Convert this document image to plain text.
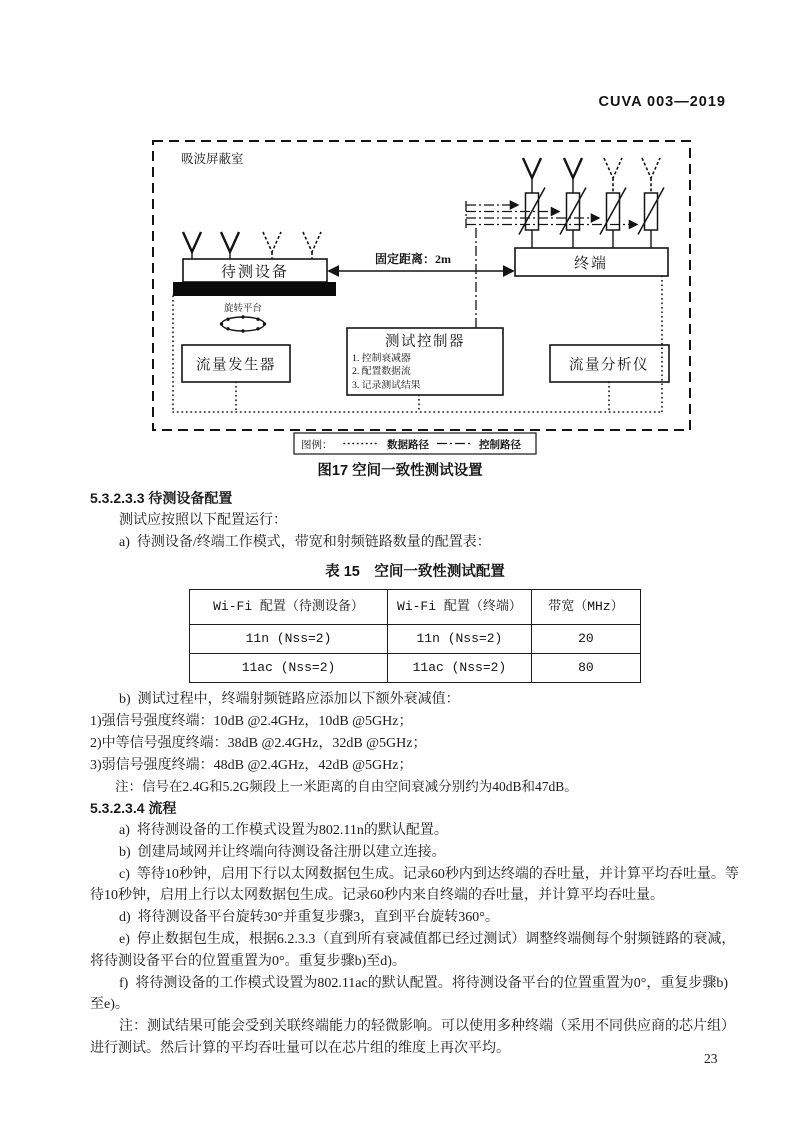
CUVA 003—2019
吸波屏蔽室
待测设备
旋转平台
固定距离：2m	终端
测试控制器
1. 控制衰减器
2. 配置数据流
3. 记录测试结果
流量发生器	流量分析仪
图例：	数据路径	控制路径
图17 空间一致性测试设置

5.3.2.3.3 待测设备配置

测试应按照以下配置运行：

a)  待测设备/终端工作模式，带宽和射频链路数量的配置表：

表 15　空间一致性测试配置
Wi-Fi 配置（待测设备）	Wi-Fi 配置（终端）	带宽（MHz）
11n (Nss=2)	11n (Nss=2)	20
11ac (Nss=2)	11ac (Nss=2)	80

b)  测试过程中，终端射频链路应添加以下额外衰减值：

1)强信号强度终端：10dB @2.4GHz，10dB @5GHz；

2)中等信号强度终端：38dB @2.4GHz，32dB @5GHz；

3)弱信号强度终端：48dB @2.4GHz，42dB @5GHz；

注：信号在2.4G和5.2G频段上一米距离的自由空间衰减分别约为40dB和47dB。

5.3.2.3.4 流程

a)  将待测设备的工作模式设置为802.11n的默认配置。

b)  创建局域网并让终端向待测设备注册以建立连接。

c)  等待10秒钟，启用下行以太网数据包生成。记录60秒内到达终端的吞吐量，并计算平均吞吐量。等待10秒钟，启用上行以太网数据包生成。记录60秒内来自终端的吞吐量，并计算平均吞吐量。

d)  将待测设备平台旋转30°并重复步骤3，直到平台旋转360°。

e)  停止数据包生成，根据6.2.3.3（直到所有衰减值都已经过测试）调整终端侧每个射频链路的衰减，将待测设备平台的位置重置为0°。重复步骤b)至d)。

f)  将待测设备的工作模式设置为802.11ac的默认配置。将待测设备平台的位置重置为0°，重复步骤b)至e)。

注：测试结果可能会受到关联终端能力的轻微影响。可以使用多种终端（采用不同供应商的芯片组）进行测试。然后计算的平均吞吐量可以在芯片组的维度上再次平均。

23
